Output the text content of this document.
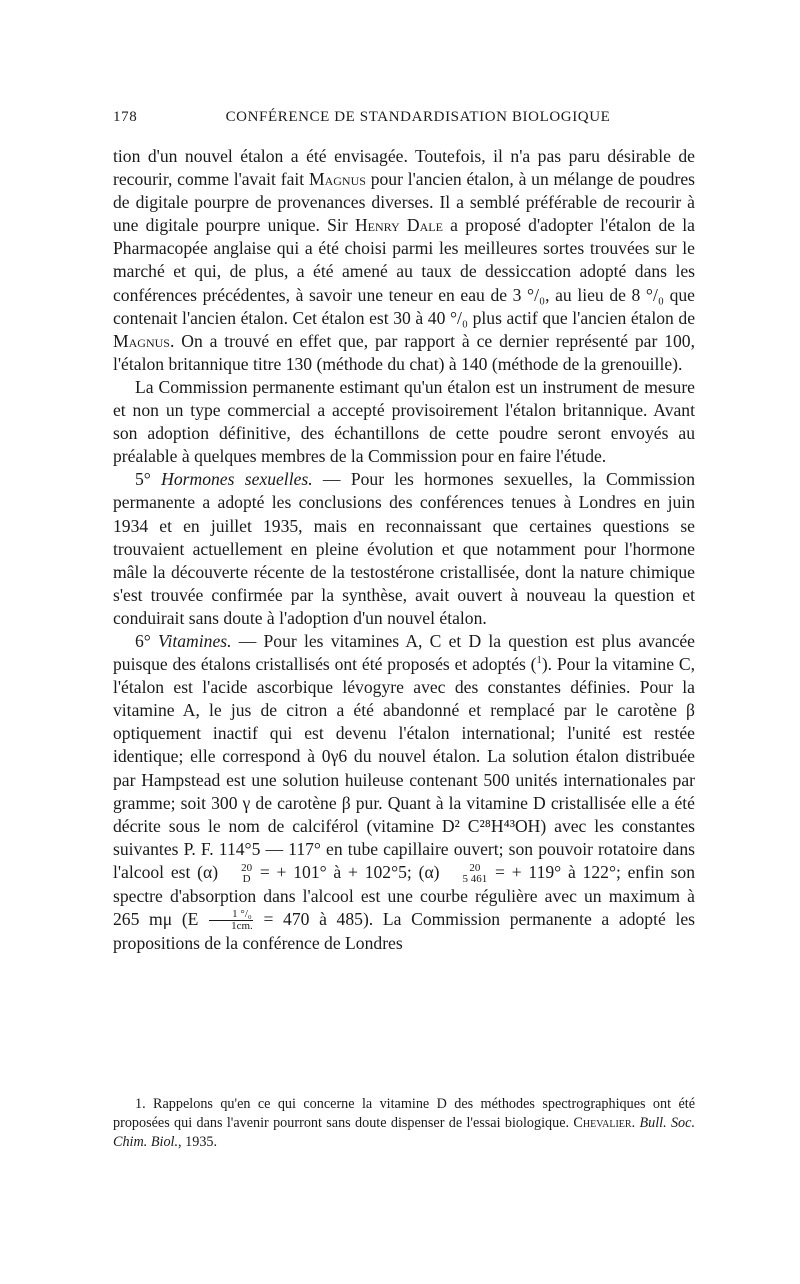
178	CONFÉRENCE DE STANDARDISATION BIOLOGIQUE

tion d'un nouvel étalon a été envisagée. Toutefois, il n'a pas paru désirable de recourir, comme l'avait fait Magnus pour l'ancien étalon, à un mélange de poudres de digitale pourpre de provenances diverses. Il a semblé préférable de recourir à une digitale pourpre unique. Sir Henry Dale a proposé d'adopter l'étalon de la Pharmacopée anglaise qui a été choisi parmi les meilleures sortes trouvées sur le marché et qui, de plus, a été amené au taux de dessiccation adopté dans les conférences précédentes, à savoir une teneur en eau de 3 °/₀, au lieu de 8 °/₀ que contenait l'ancien étalon. Cet étalon est 30 à 40 °/₀ plus actif que l'ancien étalon de Magnus. On a trouvé en effet que, par rapport à ce dernier représenté par 100, l'étalon britannique titre 130 (méthode du chat) à 140 (méthode de la grenouille).

La Commission permanente estimant qu'un étalon est un instrument de mesure et non un type commercial a accepté provisoirement l'étalon britannique. Avant son adoption définitive, des échantillons de cette poudre seront envoyés au préalable à quelques membres de la Commission pour en faire l'étude.

5° Hormones sexuelles. — Pour les hormones sexuelles, la Commission permanente a adopté les conclusions des conférences tenues à Londres en juin 1934 et en juillet 1935, mais en reconnaissant que certaines questions se trouvaient actuellement en pleine évolution et que notamment pour l'hormone mâle la découverte récente de la testostérone cristallisée, dont la nature chimique s'est trouvée confirmée par la synthèse, avait ouvert à nouveau la question et conduirait sans doute à l'adoption d'un nouvel étalon.

6° Vitamines. — Pour les vitamines A, C et D la question est plus avancée puisque des étalons cristallisés ont été proposés et adoptés ($^1$). Pour la vitamine C, l'étalon est l'acide ascorbique lévogyre avec des constantes définies. Pour la vitamine A, le jus de citron a été abandonné et remplacé par le carotène β optiquement inactif qui est devenu l'étalon international; l'unité est restée identique; elle correspond à 0γ6 du nouvel étalon. La solution étalon distribuée par Hampstead est une solution huileuse contenant 500 unités internationales par gramme; soit 300 γ de carotène β pur. Quant à la vitamine D cristallisée elle a été décrite sous le nom de calciférol (vitamine D² C²⁸H⁴³OH) avec les constantes suivantes P. F. 114°5 — 117° en tube capillaire ouvert; son pouvoir rotatoire dans l'alcool est (α)	20
D = + 101° à + 102°5; (α)	20
5 461 = + 119° à 122°; enfin son spectre d'absorption dans l'alcool est une courbe régulière avec un maximum à 265 mμ ($E \frac{\text{1 °/₀}}{1cm.} = 470$ à 485). La Commission permanente a adopté les propositions de la conférence de Londres

1. Rappelons qu'en ce qui concerne la vitamine D des méthodes spectrographiques ont été proposées qui dans l'avenir pourront sans doute dispenser de l'essai biologique. Chevalier. Bull. Soc. Chim. Biol., 1935.
